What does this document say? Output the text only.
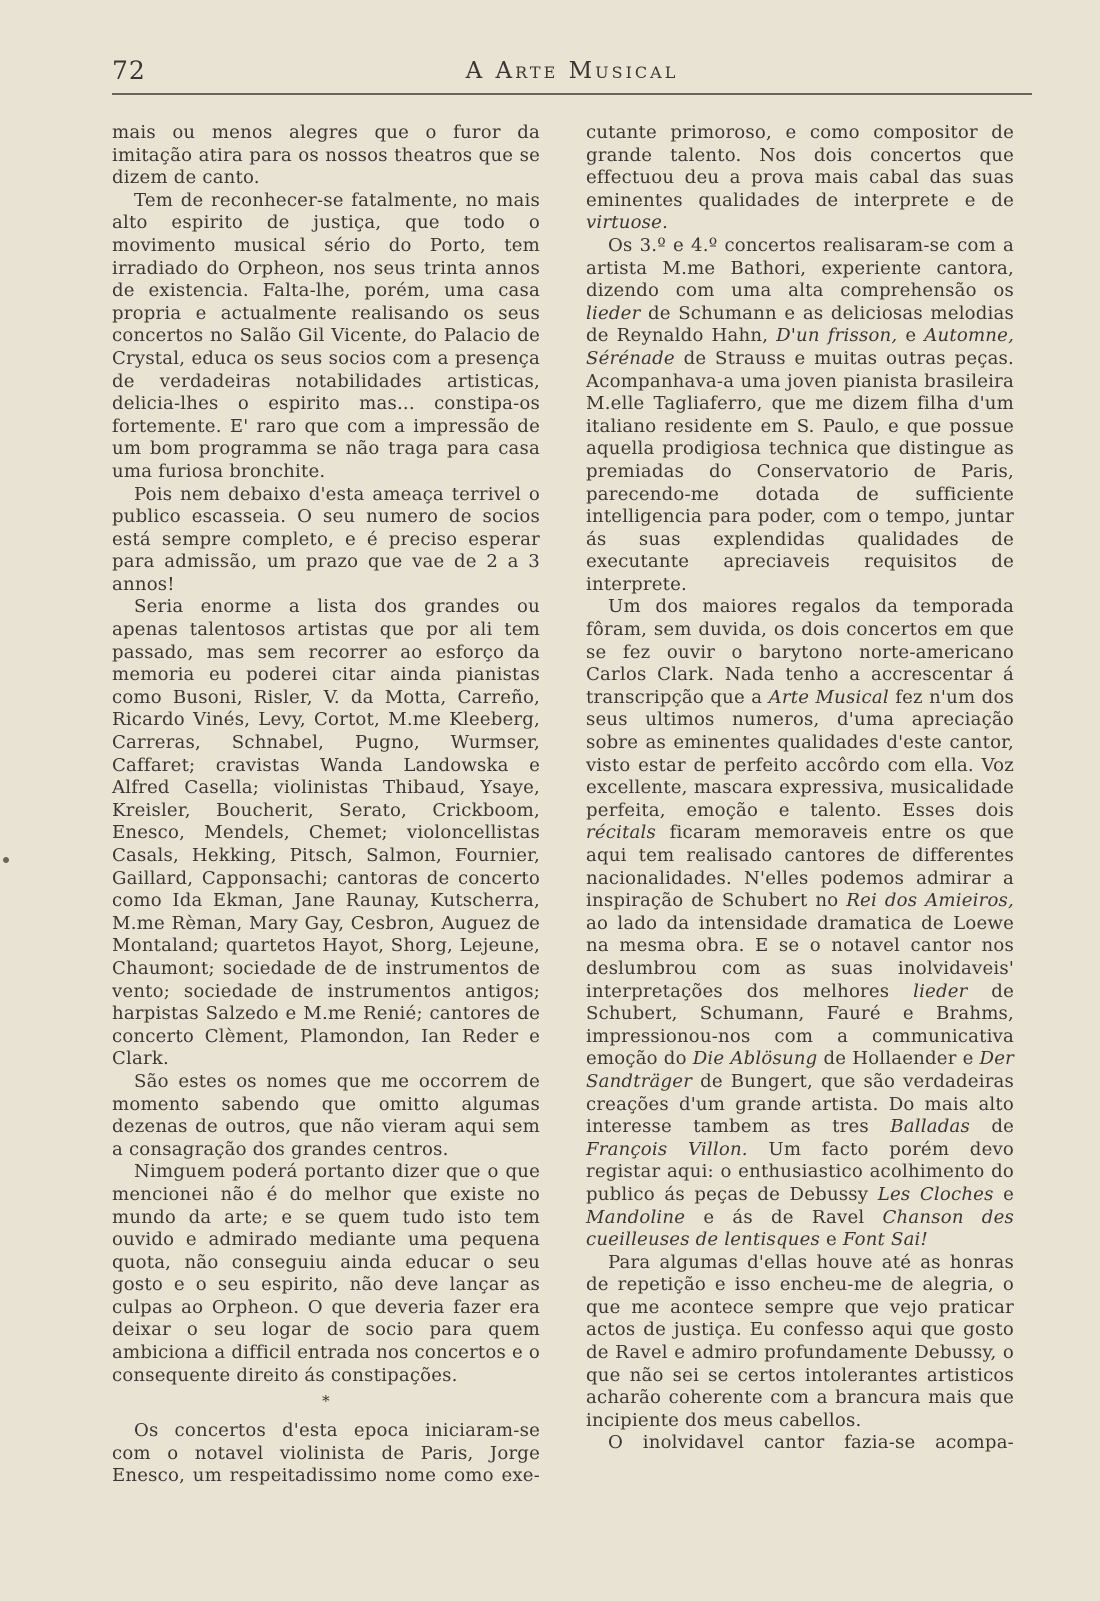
72	A Arte Musical

mais ou menos alegres que o furor da imitação atira para os nossos theatros que se dizem de canto.

Tem de reconhecer-se fatalmente, no mais alto espirito de justiça, que todo o movimento musical sério do Porto, tem irradiado do Orpheon, nos seus trinta annos de existencia. Falta-lhe, porém, uma casa propria e actualmente realisando os seus concertos no Salão Gil Vicente, do Palacio de Crystal, educa os seus socios com a presença de verdadeiras notabilidades artisticas, delicia-lhes o espirito mas... constipa-os fortemente. E' raro que com a impressão de um bom programma se não traga para casa uma furiosa bronchite.

Pois nem debaixo d'esta ameaça terrivel o publico escasseia. O seu numero de socios está sempre completo, e é preciso esperar para admissão, um prazo que vae de 2 a 3 annos!

Seria enorme a lista dos grandes ou apenas talentosos artistas que por ali tem passado, mas sem recorrer ao esforço da memoria eu poderei citar ainda pianistas como Busoni, Risler, V. da Motta, Carreño, Ricardo Vinés, Levy, Cortot, M.me Kleeberg, Carreras, Schnabel, Pugno, Wurmser, Caffaret; cravistas Wanda Landowska e Alfred Casella; violinistas Thibaud, Ysaye, Kreisler, Boucherit, Serato, Crickboom, Enesco, Mendels, Chemet; violoncellistas Casals, Hekking, Pitsch, Salmon, Fournier, Gaillard, Capponsachi; cantoras de concerto como Ida Ekman, Jane Raunay, Kutscherra, M.me Rèman, Mary Gay, Cesbron, Auguez de Montaland; quartetos Hayot, Shorg, Lejeune, Chaumont; sociedade de de instrumentos de vento; sociedade de instrumentos antigos; harpistas Salzedo e M.me Renié; cantores de concerto Clèment, Plamondon, Ian Reder e Clark.

São estes os nomes que me occorrem de momento sabendo que omitto algumas dezenas de outros, que não vieram aqui sem a consagração dos grandes centros.

Nimguem poderá portanto dizer que o que mencionei não é do melhor que existe no mundo da arte; e se quem tudo isto tem ouvido e admirado mediante uma pequena quota, não conseguiu ainda educar o seu gosto e o seu espirito, não deve lançar as culpas ao Orpheon. O que deveria fazer era deixar o seu logar de socio para quem ambiciona a difficil entrada nos concertos e o consequente direito ás constipações.

*

Os concertos d'esta epoca iniciaram-se com o notavel violinista de Paris, Jorge Enesco, um respeitadissimo nome como exe-

cutante primoroso, e como compositor de grande talento. Nos dois concertos que effectuou deu a prova mais cabal das suas eminentes qualidades de interprete e de virtuose.

Os 3.º e 4.º concertos realisaram-se com a artista M.me Bathori, experiente cantora, dizendo com uma alta comprehensão os lieder de Schumann e as deliciosas melodias de Reynaldo Hahn, D'un frisson, e Automne, Sérénade de Strauss e muitas outras peças. Acompanhava-a uma joven pianista brasileira M.elle Tagliaferro, que me dizem filha d'um italiano residente em S. Paulo, e que possue aquella prodigiosa technica que distingue as premiadas do Conservatorio de Paris, parecendo-me dotada de sufficiente intelligencia para poder, com o tempo, juntar ás suas explendidas qualidades de executante apreciaveis requisitos de interprete.

Um dos maiores regalos da temporada fôram, sem duvida, os dois concertos em que se fez ouvir o barytono norte-americano Carlos Clark. Nada tenho a accrescentar á transcripção que a Arte Musical fez n'um dos seus ultimos numeros, d'uma apreciação sobre as eminentes qualidades d'este cantor, visto estar de perfeito accôrdo com ella. Voz excellente, mascara expressiva, musicalidade perfeita, emoção e talento. Esses dois récitals ficaram memoraveis entre os que aqui tem realisado cantores de differentes nacionalidades. N'elles podemos admirar a inspiração de Schubert no Rei dos Amieiros, ao lado da intensidade dramatica de Loewe na mesma obra. E se o notavel cantor nos deslumbrou com as suas inolvidaveis' interpretações dos melhores lieder de Schubert, Schumann, Fauré e Brahms, impressionou-nos com a communicativa emoção do Die Ablösung de Hollaender e Der Sandträger de Bungert, que são verdadeiras creações d'um grande artista. Do mais alto interesse tambem as tres Balladas de François Villon. Um facto porém devo registar aqui: o enthusiastico acolhimento do publico ás peças de Debussy Les Cloches e Mandoline e ás de Ravel Chanson des cueilleuses de lentisques e Font Sai!

Para algumas d'ellas houve até as honras de repetição e isso encheu-me de alegria, o que me acontece sempre que vejo praticar actos de justiça. Eu confesso aqui que gosto de Ravel e admiro profundamente Debussy, o que não sei se certos intolerantes artisticos acharão coherente com a brancura mais que incipiente dos meus cabellos.

O inolvidavel cantor fazia-se acompa-
